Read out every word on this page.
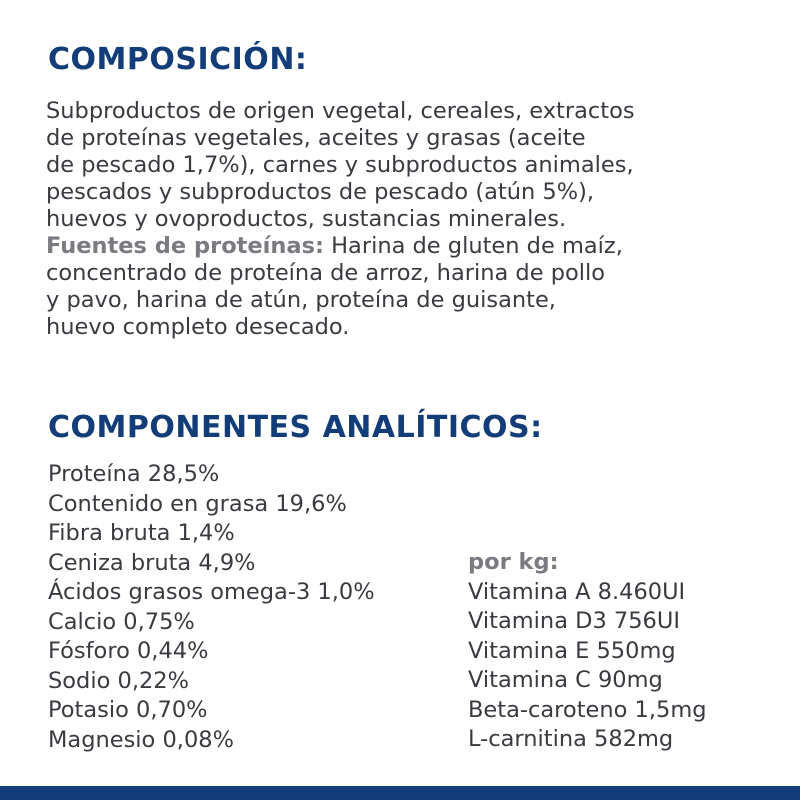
COMPOSICIÓN:
Subproductos de origen vegetal, cereales, extractos
de proteínas vegetales, aceites y grasas (aceite
de pescado 1,7%), carnes y subproductos animales,
pescados y subproductos de pescado (atún 5%),
huevos y ovoproductos, sustancias minerales.
Fuentes de proteínas: Harina de gluten de maíz,
concentrado de proteína de arroz, harina de pollo
y pavo, harina de atún, proteína de guisante,
huevo completo desecado.
COMPONENTES ANALÍTICOS:
Proteína 28,5%
Contenido en grasa 19,6%
Fibra bruta 1,4%
Ceniza bruta 4,9%
Ácidos grasos omega-3 1,0%
Calcio 0,75%
Fósforo 0,44%
Sodio 0,22%
Potasio 0,70%
Magnesio 0,08%
por kg:
Vitamina A 8.460UI
Vitamina D3 756UI
Vitamina E 550mg
Vitamina C 90mg
Beta-caroteno 1,5mg
L-carnitina 582mg
